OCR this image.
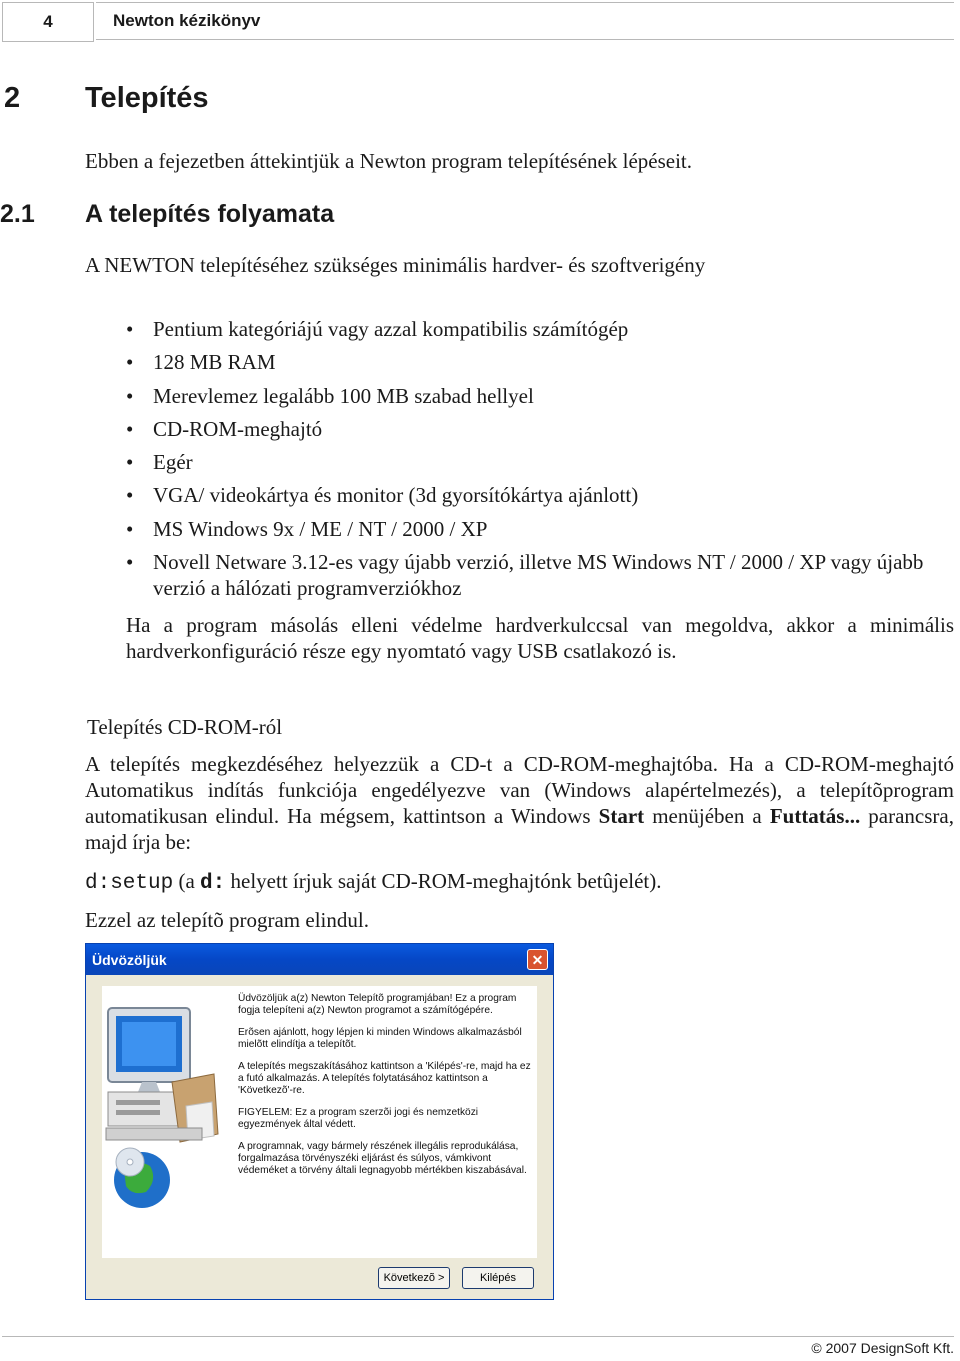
4	Newton kézikönyv
2 Telepítés
Ebben a fejezetben áttekintjük a Newton program telepítésének lépéseit.
2.1 A telepítés folyamata
A NEWTON telepítéséhez szükséges minimális hardver- és szoftverigény
• Pentium kategóriájú vagy azzal kompatibilis számítógép
• 128 MB RAM
• Merevlemez legalább 100 MB szabad hellyel
• CD-ROM-meghajtó
• Egér
• VGA/ videokártya és monitor (3d gyorsítókártya ajánlott)
• MS Windows 9x / ME / NT / 2000 / XP
• Novell Netware 3.12-es vagy újabb verzió, illetve MS Windows NT / 2000 / XP vagy újabb verzió a hálózati programverziókhoz
Ha a program másolás elleni védelme hardverkulccsal van megoldva, akkor a minimális hardverkonfiguráció része egy nyomtató vagy USB csatlakozó is.
Telepítés CD-ROM-ról
A telepítés megkezdéséhez helyezzük a CD-t a CD-ROM-meghajtóba. Ha a CD-ROM-meghajtó Automatikus indítás funkciója engedélyezve van (Windows alapértelmezés), a telepítõprogram automatikusan elindul. Ha mégsem, kattintson a Windows Start menüjében a Futtatás... parancsra, majd írja be:
d:setup (a d: helyett írjuk saját CD-ROM-meghajtónk betûjelét).
Ezzel az telepítõ program elindul.
Üdvözöljük	✕

Üdvözöljük a(z) Newton Telepítõ programjában! Ez a program fogja telepíteni a(z) Newton programot a számítógépére.

Erõsen ajánlott, hogy lépjen ki minden Windows alkalmazásból mielõtt elindítja a telepítõt.

A telepítés megszakításához kattintson a 'Kilépés'-re, majd ha ez a futó alkalmazás. A telepítés folytatásához kattintson a 'Következõ'-re.

FIGYELEM: Ez a program szerzõi jogi és nemzetközi egyezmények által védett.

A programnak, vagy bármely részének illegális reprodukálása, forgalmazása törvényszéki eljárást és súlyos, vámkivont védeméket a törvény általi legnagyobb mértékben kiszabásával.

Következõ >	Kilépés
© 2007 DesignSoft Kft.
